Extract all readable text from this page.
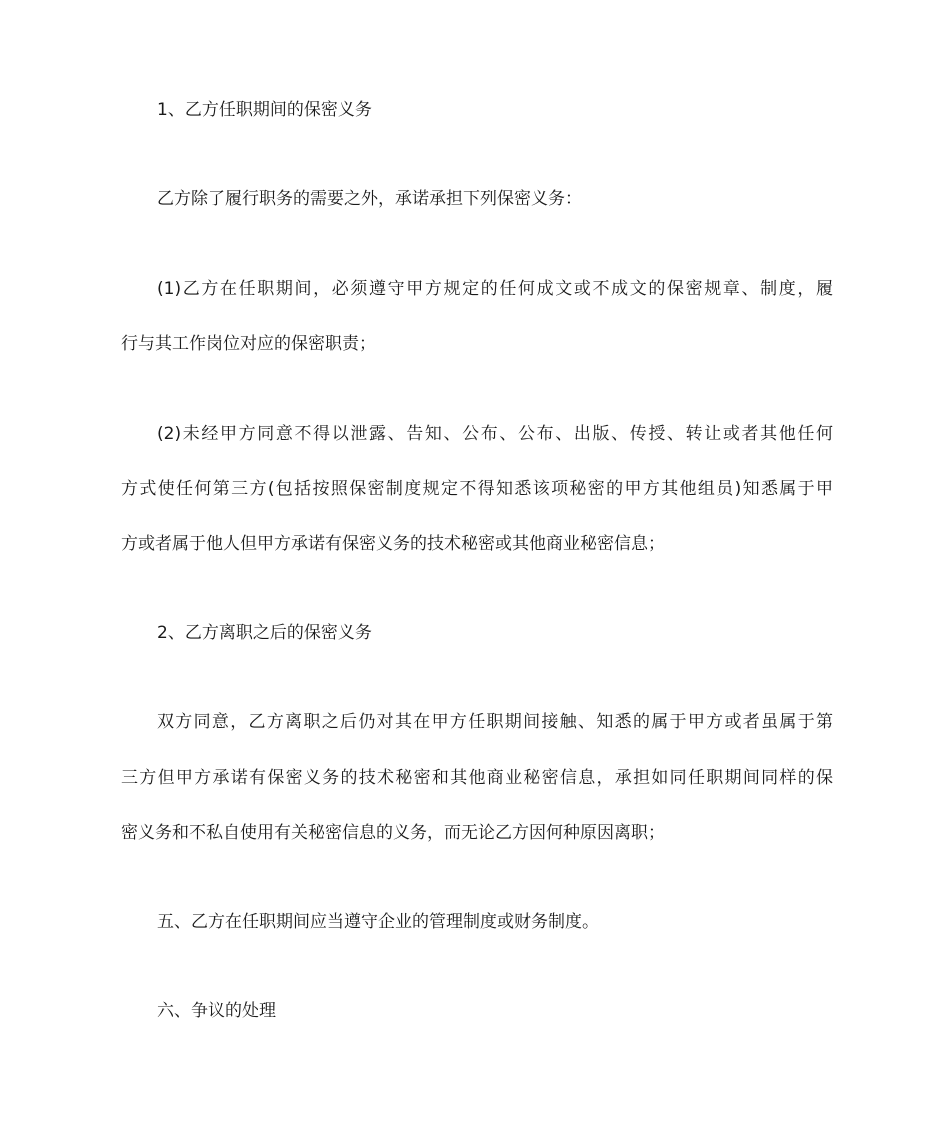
1、乙方任职期间的保密义务
乙方除了履行职务的需要之外，承诺承担下列保密义务：
(1)乙方在任职期间，必须遵守甲方规定的任何成文或不成文的保密规章、制度，履
行与其工作岗位对应的保密职责；
(2)未经甲方同意不得以泄露、告知、公布、公布、出版、传授、转让或者其他任何
方式使任何第三方(包括按照保密制度规定不得知悉该项秘密的甲方其他组员)知悉属于甲
方或者属于他人但甲方承诺有保密义务的技术秘密或其他商业秘密信息；
2、乙方离职之后的保密义务
双方同意，乙方离职之后仍对其在甲方任职期间接触、知悉的属于甲方或者虽属于第
三方但甲方承诺有保密义务的技术秘密和其他商业秘密信息，承担如同任职期间同样的保
密义务和不私自使用有关秘密信息的义务，而无论乙方因何种原因离职；
五、乙方在任职期间应当遵守企业的管理制度或财务制度。
六、争议的处理
